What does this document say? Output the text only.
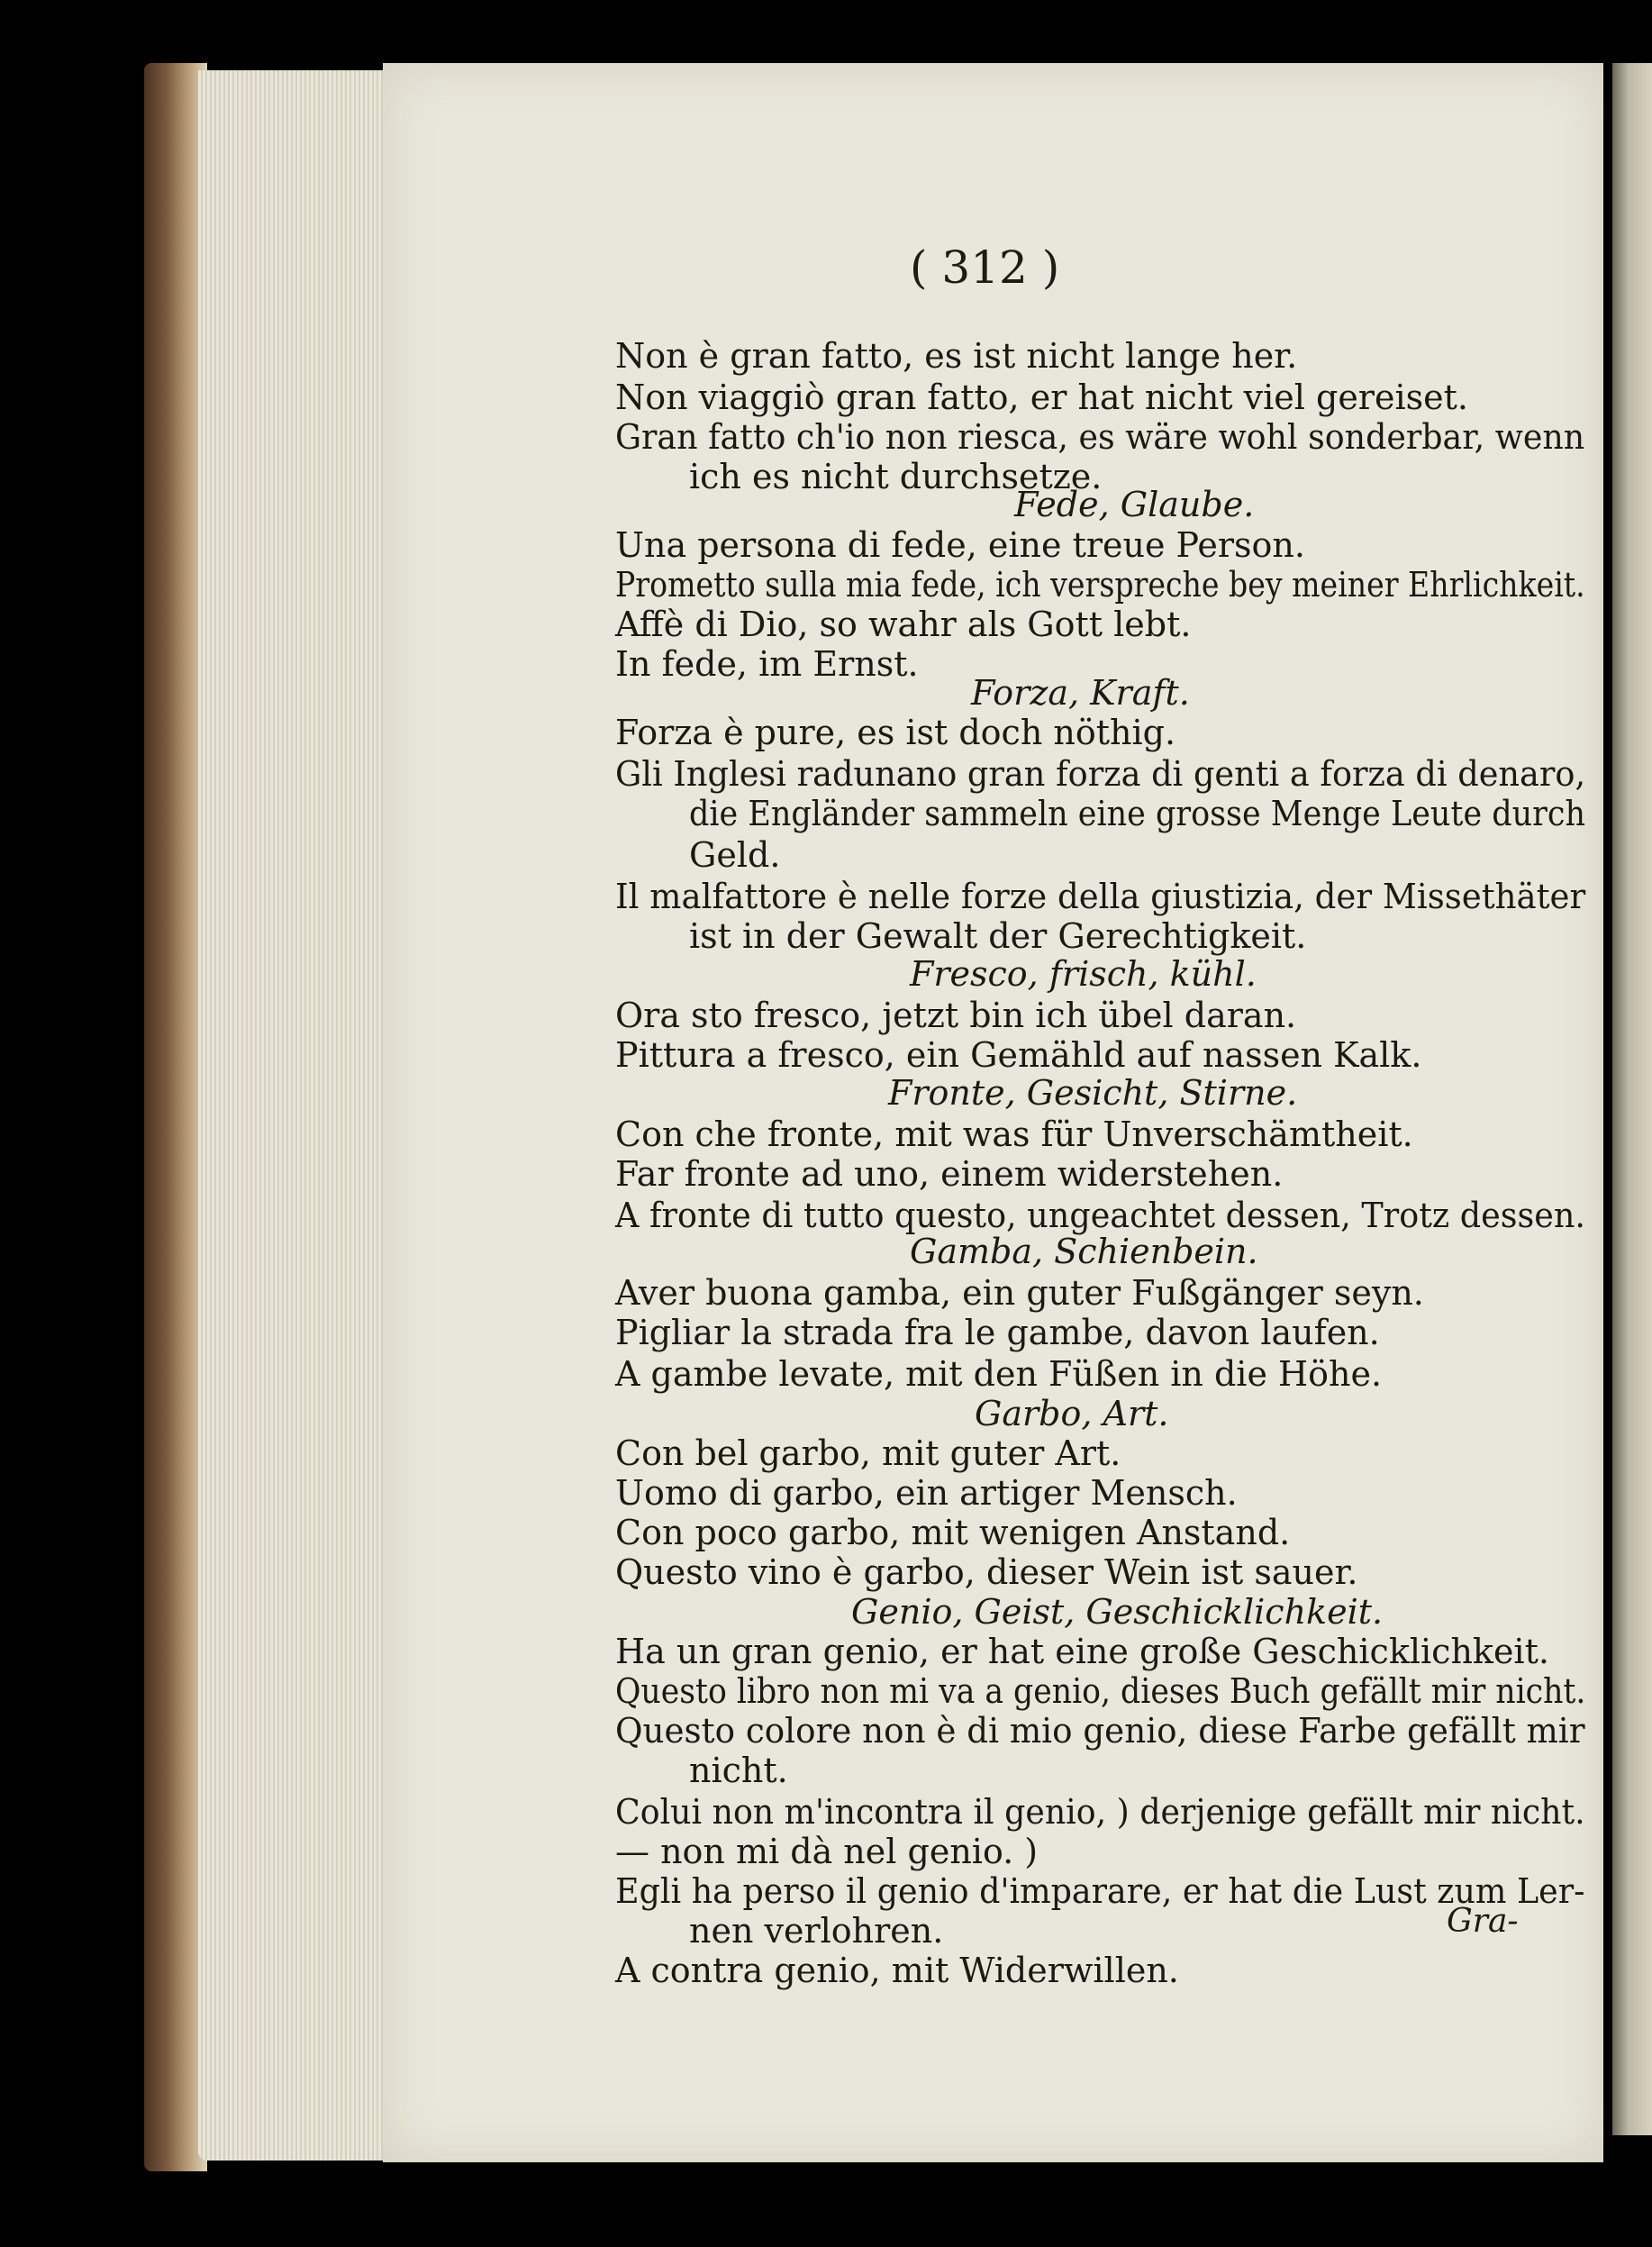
( 312 )
Non è gran fatto, es ist nicht lange her.
Non viaggiò gran fatto, er hat nicht viel gereiset.
Gran fatto ch'io non riesca, es wäre wohl sonderbar, wenn
ich es nicht durchsetze.
Fede, Glaube.
Una persona di fede, eine treue Person.
Prometto sulla mia fede, ich verspreche bey meiner Ehrlichkeit.
Affè di Dio, so wahr als Gott lebt.
In fede, im Ernst.
Forza, Kraft.
Forza è pure, es ist doch nöthig.
Gli Inglesi radunano gran forza di genti a forza di denaro,
die Engländer sammeln eine grosse Menge Leute durch
Geld.
Il malfattore è nelle forze della giustizia, der Missethäter
ist in der Gewalt der Gerechtigkeit.
Fresco, frisch, kühl.
Ora sto fresco, jetzt bin ich übel daran.
Pittura a fresco, ein Gemähld auf nassen Kalk.
Fronte, Gesicht, Stirne.
Con che fronte, mit was für Unverschämtheit.
Far fronte ad uno, einem widerstehen.
A fronte di tutto questo, ungeachtet dessen, Trotz dessen.
Gamba, Schienbein.
Aver buona gamba, ein guter Fußgänger seyn.
Pigliar la strada fra le gambe, davon laufen.
A gambe levate, mit den Füßen in die Höhe.
Garbo, Art.
Con bel garbo, mit guter Art.
Uomo di garbo, ein artiger Mensch.
Con poco garbo, mit wenigen Anstand.
Questo vino è garbo, dieser Wein ist sauer.
Genio, Geist, Geschicklichkeit.
Ha un gran genio, er hat eine große Geschicklichkeit.
Questo libro non mi va a genio, dieses Buch gefällt mir nicht.
Questo colore non è di mio genio, diese Farbe gefällt mir
nicht.
Colui non m'incontra il genio, ) derjenige gefällt mir nicht.
— non mi dà nel genio. )
Egli ha perso il genio d'imparare, er hat die Lust zum Ler-
nen verlohren.
A contra genio, mit Widerwillen.
Gra-
